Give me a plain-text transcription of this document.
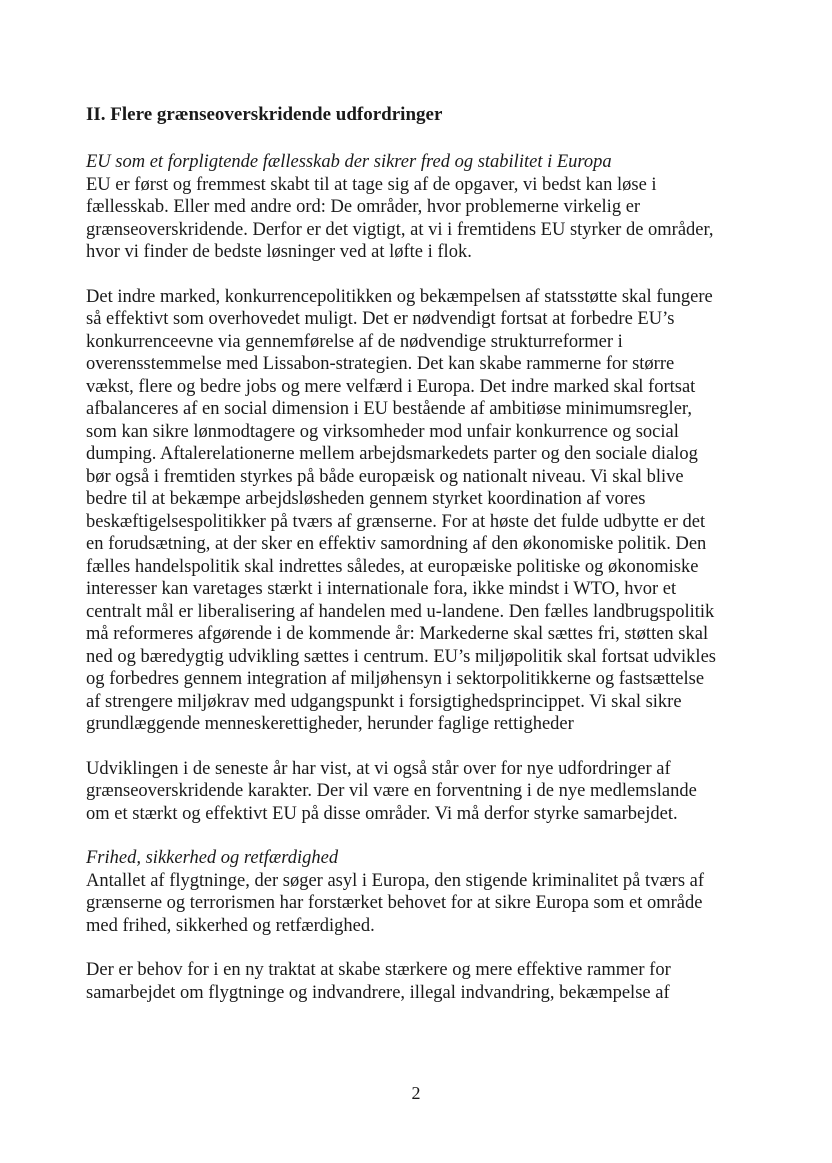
II. Flere grænseoverskridende udfordringer

EU som et forpligtende fællesskab der sikrer fred og stabilitet i Europa

EU er først og fremmest skabt til at tage sig af de opgaver, vi bedst kan løse i

fællesskab. Eller med andre ord: De områder, hvor problemerne virkelig er

grænseoverskridende. Derfor er det vigtigt, at vi i fremtidens EU styrker de områder,

hvor vi finder de bedste løsninger ved at løfte i flok.

Det indre marked, konkurrencepolitikken og bekæmpelsen af statsstøtte skal fungere

så effektivt som overhovedet muligt. Det er nødvendigt fortsat at forbedre EU’s

konkurrenceevne via gennemførelse af de nødvendige strukturreformer i

overensstemmelse med Lissabon-strategien. Det kan skabe rammerne for større

vækst, flere og bedre jobs og mere velfærd i Europa. Det indre marked skal fortsat

afbalanceres af en social dimension i EU bestående af ambitiøse minimumsregler,

som kan sikre lønmodtagere og virksomheder mod unfair konkurrence og social

dumping. Aftalerelationerne mellem arbejdsmarkedets parter og den sociale dialog

bør også i fremtiden styrkes på både europæisk og nationalt niveau. Vi skal blive

bedre til at bekæmpe arbejdsløsheden gennem styrket koordination af vores

beskæftigelsespolitikker på tværs af grænserne. For at høste det fulde udbytte er det

en forudsætning, at der sker en effektiv samordning af den økonomiske politik. Den

fælles handelspolitik skal indrettes således, at europæiske politiske og økonomiske

interesser kan varetages stærkt i internationale fora, ikke mindst i WTO, hvor et

centralt mål er liberalisering af handelen med u-landene. Den fælles landbrugspolitik

må reformeres afgørende i de kommende år: Markederne skal sættes fri, støtten skal

ned og bæredygtig udvikling sættes i centrum. EU’s miljøpolitik skal fortsat udvikles

og forbedres gennem integration af miljøhensyn i sektorpolitikkerne og fastsættelse

af strengere miljøkrav med udgangspunkt i forsigtighedsprincippet. Vi skal sikre

grundlæggende menneskerettigheder, herunder faglige rettigheder

Udviklingen i de seneste år har vist, at vi også står over for nye udfordringer af

grænseoverskridende karakter. Der vil være en forventning i de nye medlemslande

om et stærkt og effektivt EU på disse områder. Vi må derfor styrke samarbejdet.

Frihed, sikkerhed og retfærdighed

Antallet af flygtninge, der søger asyl i Europa, den stigende kriminalitet på tværs af

grænserne og terrorismen har forstærket behovet for at sikre Europa som et område

med frihed, sikkerhed og retfærdighed.

Der er behov for i en ny traktat at skabe stærkere og mere effektive rammer for

samarbejdet om flygtninge og indvandrere, illegal indvandring, bekæmpelse af

2
